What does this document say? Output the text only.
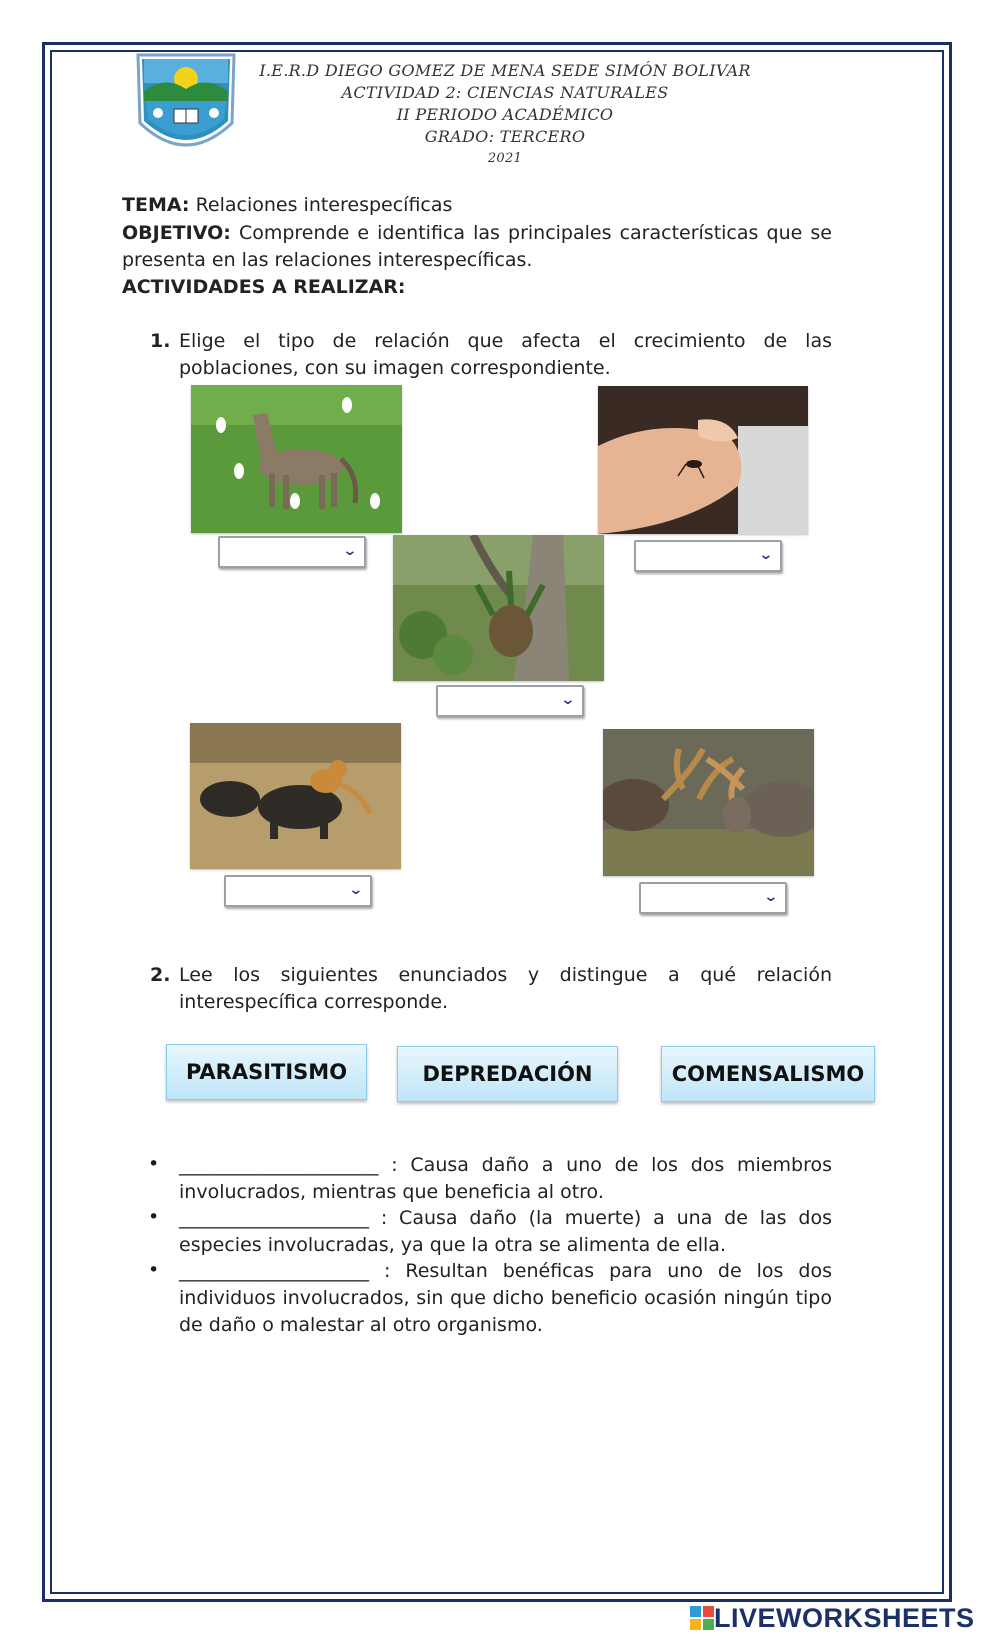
I.E.R.D DIEGO GOMEZ DE MENA SEDE SIMÓN BOLIVAR
ACTIVIDAD 2: CIENCIAS NATURALES
II PERIODO ACADÉMICO
GRADO: TERCERO
2021
TEMA: Relaciones interespecíficas
OBJETIVO: Comprende e identifica las principales características que se presenta en las relaciones interespecíficas.
ACTIVIDADES A REALIZAR:
1. Elige el tipo de relación que afecta el crecimiento de las poblaciones, con su imagen correspondiente.
⌄	⌄
⌄
⌄	⌄
2. Lee los siguientes enunciados y distingue a qué relación interespecífica corresponde.
PARASITISMO	DEPREDACIÓN	COMENSALISMO
• _____________________ : Causa daño a uno de los dos miembros involucrados, mientras que beneficia al otro.
• ____________________ : Causa daño (la muerte) a una de las dos especies involucradas, ya que la otra se alimenta de ella.
• ____________________ : Resultan benéficas para uno de los dos individuos involucrados, sin que dicho beneficio ocasión ningún tipo de daño o malestar al otro organismo.
LIVEWORKSHEETS
